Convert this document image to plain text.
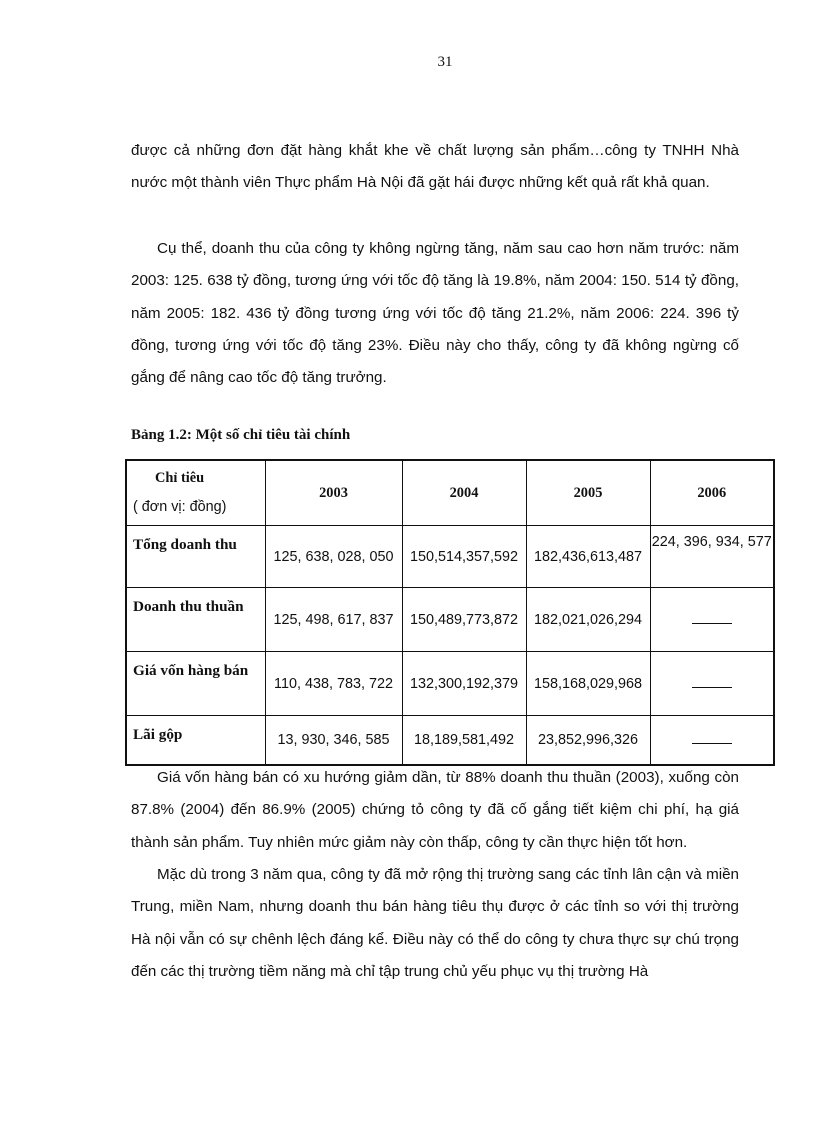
31

được cả những đơn đặt hàng khắt khe về chất lượng sản phẩm…công ty TNHH Nhà nước một thành viên Thực phẩm Hà Nội đã gặt hái được những kết quả rất khả quan.

Cụ thể, doanh thu của công ty không ngừng tăng, năm sau cao hơn năm trước: năm 2003: 125. 638 tỷ đồng, tương ứng với tốc độ tăng là 19.8%, năm 2004: 150. 514 tỷ đồng, năm 2005: 182. 436 tỷ đồng tương ứng với tốc độ tăng 21.2%, năm 2006: 224. 396 tỷ đồng, tương ứng với tốc độ tăng 23%. Điều này cho thấy, công ty đã không ngừng cố gắng để nâng cao tốc độ tăng trưởng.

Bảng 1.2: Một số chỉ tiêu tài chính
Chỉ tiêu
( đơn vị: đồng)	2003	2004	2005	2006
Tổng doanh thu	125, 638, 028, 050	150,514,357,592	182,436,613,487	224, 396, 934, 577
Doanh thu thuần	125, 498, 617, 837	150,489,773,872	182,021,026,294	
Giá vốn hàng bán	110, 438, 783, 722	132,300,192,379	158,168,029,968	
Lãi gộp	13, 930, 346, 585	18,189,581,492	23,852,996,326	

Giá vốn hàng bán có xu hướng giảm dần, từ 88% doanh thu thuần (2003), xuống còn 87.8% (2004) đến 86.9% (2005) chứng tỏ công ty đã cố gắng tiết kiệm chi phí, hạ giá thành sản phẩm. Tuy nhiên mức giảm này còn thấp, công ty cần thực hiện tốt hơn.

Mặc dù trong 3 năm qua, công ty đã mở rộng thị trường sang các tỉnh lân cận và miền Trung, miền Nam, nhưng doanh thu bán hàng tiêu thụ được ở các tỉnh so với thị trường Hà nội vẫn có sự chênh lệch đáng kể. Điều này có thể do công ty chưa thực sự chú trọng đến các thị trường tiềm năng mà chỉ tập trung chủ yếu phục vụ thị trường Hà
